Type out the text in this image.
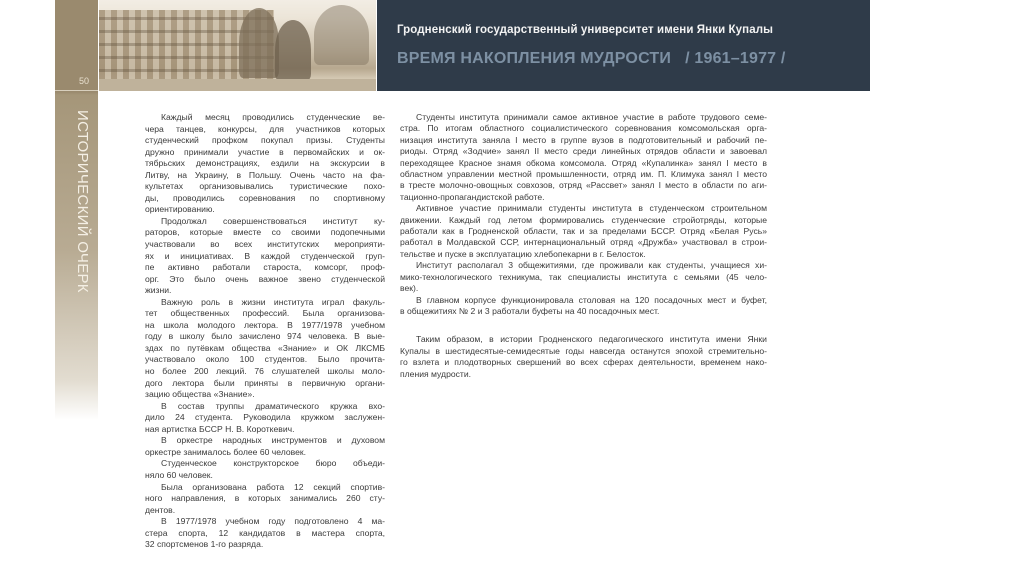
50
ИСТОРИЧЕСКИЙ ОЧЕРК
Гродненский государственный университет имени Янки Купалы
ВРЕМЯ НАКОПЛЕНИЯ МУДРОСТИ / 1961–1977 /
Каждый месяц проводились студенческие ве-
чера танцев, конкурсы, для участников которых
студенческий профком покупал призы. Студенты
дружно принимали участие в первомайских и ок-
тябрьских демонстрациях, ездили на экскурсии в
Литву, на Украину, в Польшу. Очень часто на фа-
культетах организовывались туристические похо-
ды, проводились соревнования по спортивному
ориентированию.
Продолжал совершенствоваться институт ку-
раторов, которые вместе со своими подопечными
участвовали во всех институтских мероприяти-
ях и инициативах. В каждой студенческой груп-
пе активно работали староста, комсорг, проф-
орг. Это было очень важное звено студенческой
жизни.
Важную роль в жизни института играл факуль-
тет общественных профессий. Была организова-
на школа молодого лектора. В 1977/1978 учебном
году в школу было зачислено 974 человека. В вые-
здах по путёвкам общества «Знание» и ОК ЛКСМБ
участвовало около 100 студентов. Было прочита-
но более 200 лекций. 76 слушателей школы моло-
дого лектора были приняты в первичную органи-
зацию общества «Знание».
В состав труппы драматического кружка вхо-
дило 24 студента. Руководила кружком заслужен-
ная артистка БССР Н. В. Короткевич.
В оркестре народных инструментов и духовом
оркестре занималось более 60 человек.
Студенческое конструкторское бюро объеди-
няло 60 человек.
Была организована работа 12 секций спортив-
ного направления, в которых занимались 260 сту-
дентов.
В 1977/1978 учебном году подготовлено 4 ма-
стера спорта, 12 кандидатов в мастера спорта,
32 спортсменов 1-го разряда.
Студенты института принимали самое активное участие в работе трудового семе-
стра. По итогам областного социалистического соревнования комсомольская орга-
низация института заняла I место в группе вузов в подготовительный и рабочий пе-
риоды. Отряд «Зодчие» занял II место среди линейных отрядов области и завоевал
переходящее Красное знамя обкома комсомола. Отряд «Купалинка» занял I место в
областном управлении местной промышленности, отряд им. П. Климука занял I место
в тресте молочно-овощных совхозов, отряд «Рассвет» занял I место в области по аги-
тационно-пропагандистской работе.
Активное участие принимали студенты института в студенческом строительном
движении. Каждый год летом формировались студенческие стройотряды, которые
работали как в Гродненской области, так и за пределами БССР. Отряд «Белая Русь»
работал в Молдавской ССР, интернациональный отряд «Дружба» участвовал в строи-
тельстве и пуске в эксплуатацию хлебопекарни в г. Белосток.
Институт располагал 3 общежитиями, где проживали как студенты, учащиеся хи-
мико-технологического техникума, так специалисты института с семьями (45 чело-
век).
В главном корпусе функционировала столовая на 120 посадочных мест и буфет,
в общежитиях № 2 и 3 работали буфеты на 40 посадочных мест.
Таким образом, в истории Гродненского педагогического института имени Янки
Купалы в шестидесятые-семидесятые годы навсегда останутся эпохой стремительно-
го взлета и плодотворных свершений во всех сферах деятельности, временем нако-
пления мудрости.
